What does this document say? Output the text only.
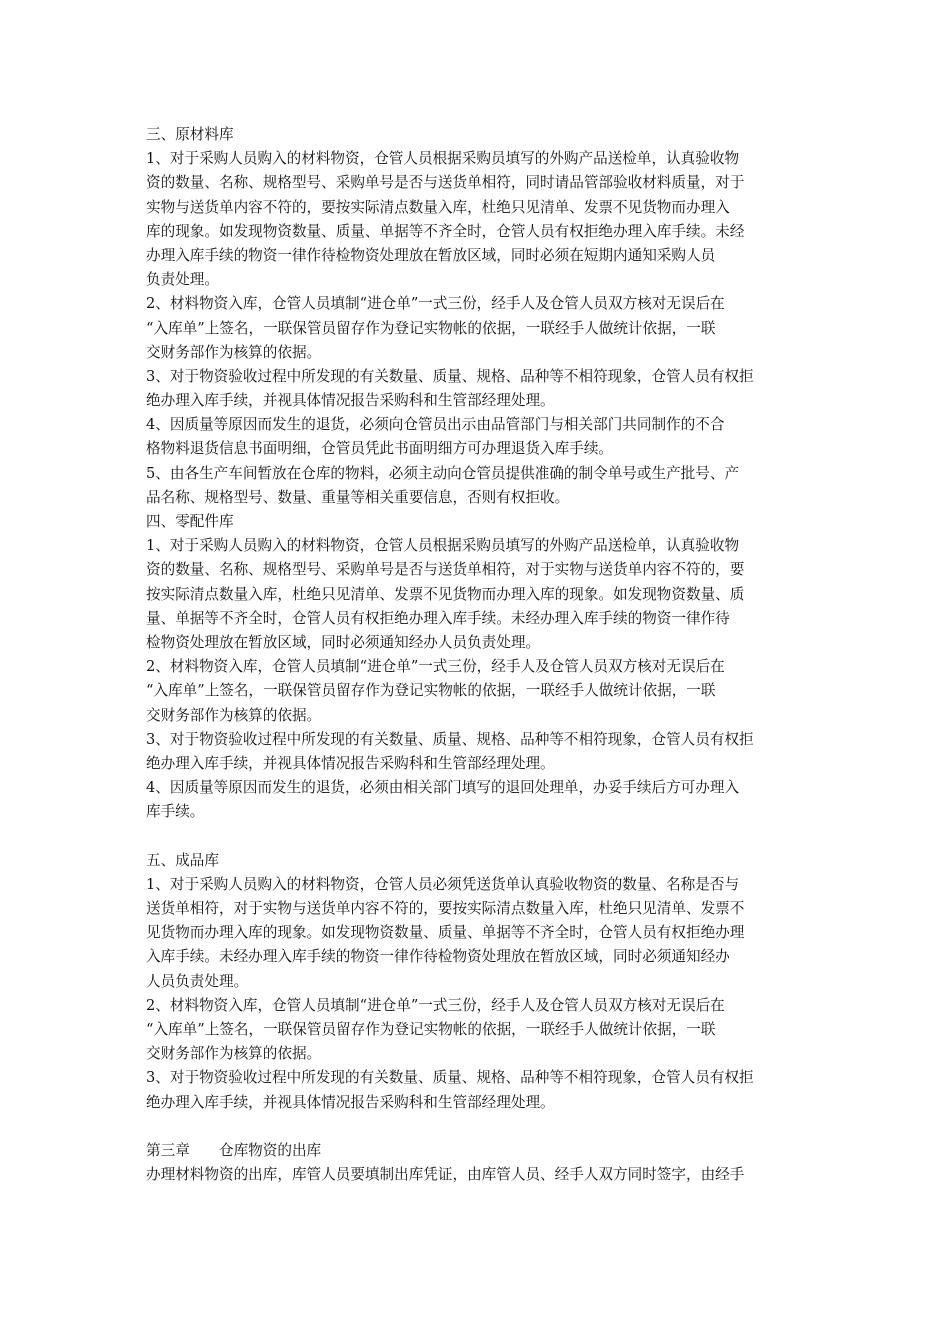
三、原材料库
1、对于采购人员购入的材料物资，仓管人员根据采购员填写的外购产品送检单，认真验收物
资的数量、名称、规格型号、采购单号是否与送货单相符，同时请品管部验收材料质量，对于
实物与送货单内容不符的，要按实际清点数量入库，杜绝只见清单、发票不见货物而办理入
库的现象。如发现物资数量、质量、单据等不齐全时，仓管人员有权拒绝办理入库手续。未经
办理入库手续的物资一律作待检物资处理放在暂放区域，同时必须在短期内通知采购人员
负责处理。
2、材料物资入库，仓管人员填制“进仓单”一式三份，经手人及仓管人员双方核对无误后在
“入库单”上签名，一联保管员留存作为登记实物帐的依据，一联经手人做统计依据，一联
交财务部作为核算的依据。
3、对于物资验收过程中所发现的有关数量、质量、规格、品种等不相符现象，仓管人员有权拒
绝办理入库手续，并视具体情况报告采购科和生管部经理处理。
4、因质量等原因而发生的退货，必须向仓管员出示由品管部门与相关部门共同制作的不合
格物料退货信息书面明细，仓管员凭此书面明细方可办理退货入库手续。
5、由各生产车间暂放在仓库的物料，必须主动向仓管员提供准确的制令单号或生产批号、产
品名称、规格型号、数量、重量等相关重要信息，否则有权拒收。
四、零配件库
1、对于采购人员购入的材料物资，仓管人员根据采购员填写的外购产品送检单，认真验收物
资的数量、名称、规格型号、采购单号是否与送货单相符，对于实物与送货单内容不符的，要
按实际清点数量入库，杜绝只见清单、发票不见货物而办理入库的现象。如发现物资数量、质
量、单据等不齐全时，仓管人员有权拒绝办理入库手续。未经办理入库手续的物资一律作待
检物资处理放在暂放区域，同时必须通知经办人员负责处理。
2、材料物资入库，仓管人员填制“进仓单”一式三份，经手人及仓管人员双方核对无误后在
“入库单”上签名，一联保管员留存作为登记实物帐的依据，一联经手人做统计依据，一联
交财务部作为核算的依据。
3、对于物资验收过程中所发现的有关数量、质量、规格、品种等不相符现象，仓管人员有权拒
绝办理入库手续，并视具体情况报告采购科和生管部经理处理。
4、因质量等原因而发生的退货，必须由相关部门填写的退回处理单，办妥手续后方可办理入
库手续。
五、成品库
1、对于采购人员购入的材料物资，仓管人员必须凭送货单认真验收物资的数量、名称是否与
送货单相符，对于实物与送货单内容不符的，要按实际清点数量入库，杜绝只见清单、发票不
见货物而办理入库的现象。如发现物资数量、质量、单据等不齐全时，仓管人员有权拒绝办理
入库手续。未经办理入库手续的物资一律作待检物资处理放在暂放区域，同时必须通知经办
人员负责处理。
2、材料物资入库，仓管人员填制“进仓单”一式三份，经手人及仓管人员双方核对无误后在
“入库单”上签名，一联保管员留存作为登记实物帐的依据，一联经手人做统计依据，一联
交财务部作为核算的依据。
3、对于物资验收过程中所发现的有关数量、质量、规格、品种等不相符现象，仓管人员有权拒
绝办理入库手续，并视具体情况报告采购科和生管部经理处理。
第三章　　仓库物资的出库
办理材料物资的出库，库管人员要填制出库凭证，由库管人员、经手人双方同时签字，由经手
